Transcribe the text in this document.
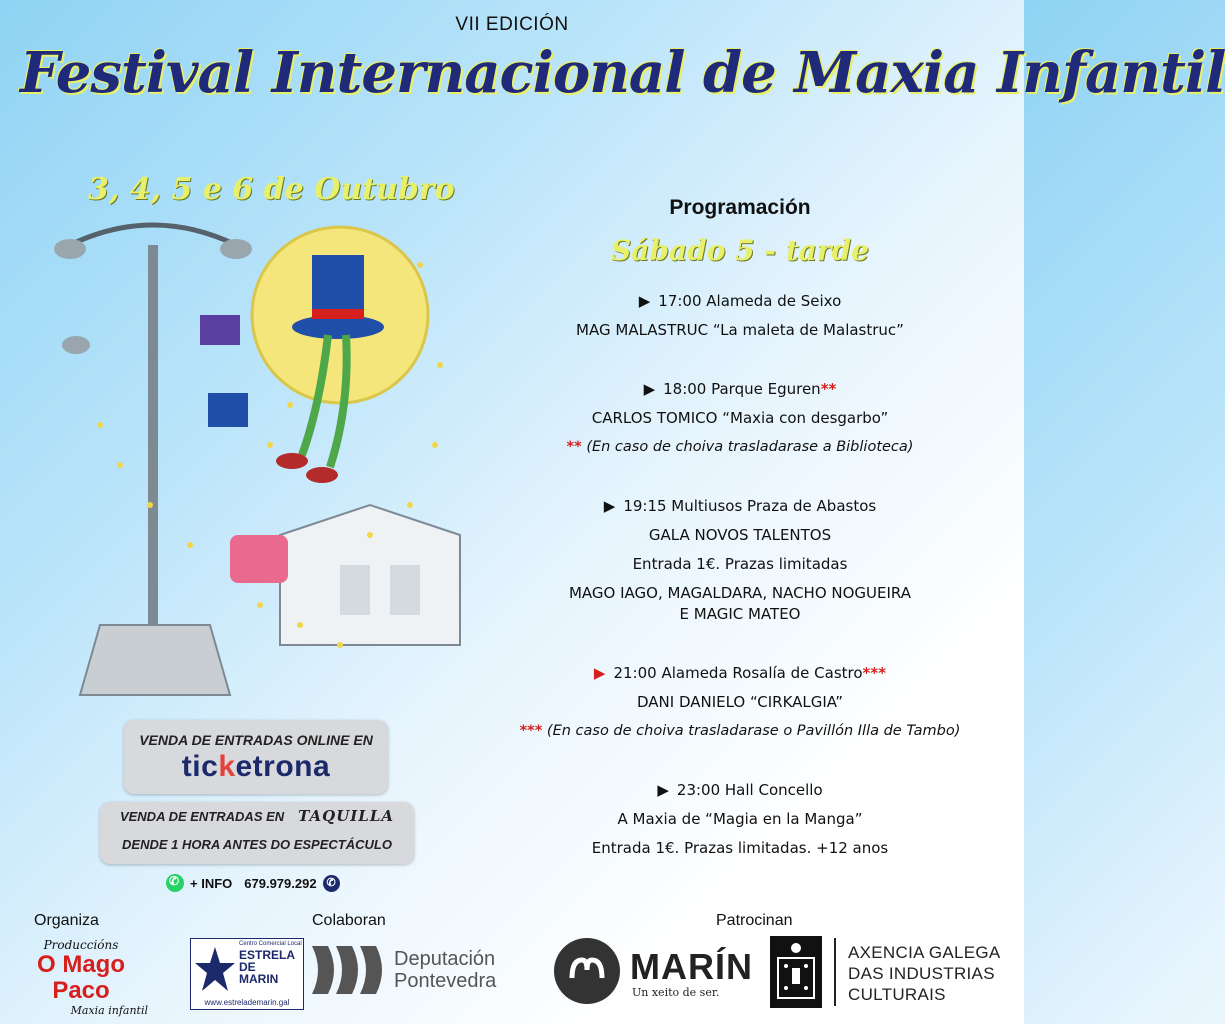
VII EDICIÓN
Festival Internacional de Maxia Infantil
3, 4, 5 e 6 de Outubro
Programación
Sábado 5 - tarde
▶ 17:00 Alameda de Seixo
MAG MALASTRUC “La maleta de Malastruc”
▶ 18:00 Parque Eguren**
CARLOS TOMICO “Maxia con desgarbo”
** (En caso de choiva trasladarase a Biblioteca)
▶ 19:15 Multiusos Praza de Abastos
GALA NOVOS TALENTOS
Entrada 1€. Prazas limitadas
MAGO IAGO, MAGALDARA, NACHO NOGUEIRA
E MAGIC MATEO
▶ 21:00 Alameda Rosalía de Castro***
DANI DANIELO “CIRKALGIA”
*** (En caso de choiva trasladarase o Pavillón Illa de Tambo)
▶ 23:00 Hall Concello
A Maxia de “Magia en la Manga”
Entrada 1€. Prazas limitadas. +12 anos
VENDA DE ENTRADAS ONLINE EN
ticketrona
VENDA DE ENTRADAS EN TAQUILLA
DENDE 1 HORA ANTES DO ESPECTÁCULO
✆
+ INFO 679.979.292 ✆
Organiza	Colaboran	Patrocinan
Produccións
O Mago Paco
Maxia infantil
Centro Comercial Local
ESTRELA
DE
MARIN
www.estrelademarin.gal
Deputación
Pontevedra	MARÍN
Un xeito de ser.
AXENCIA GALEGA
DAS INDUSTRIAS
CULTURAIS
